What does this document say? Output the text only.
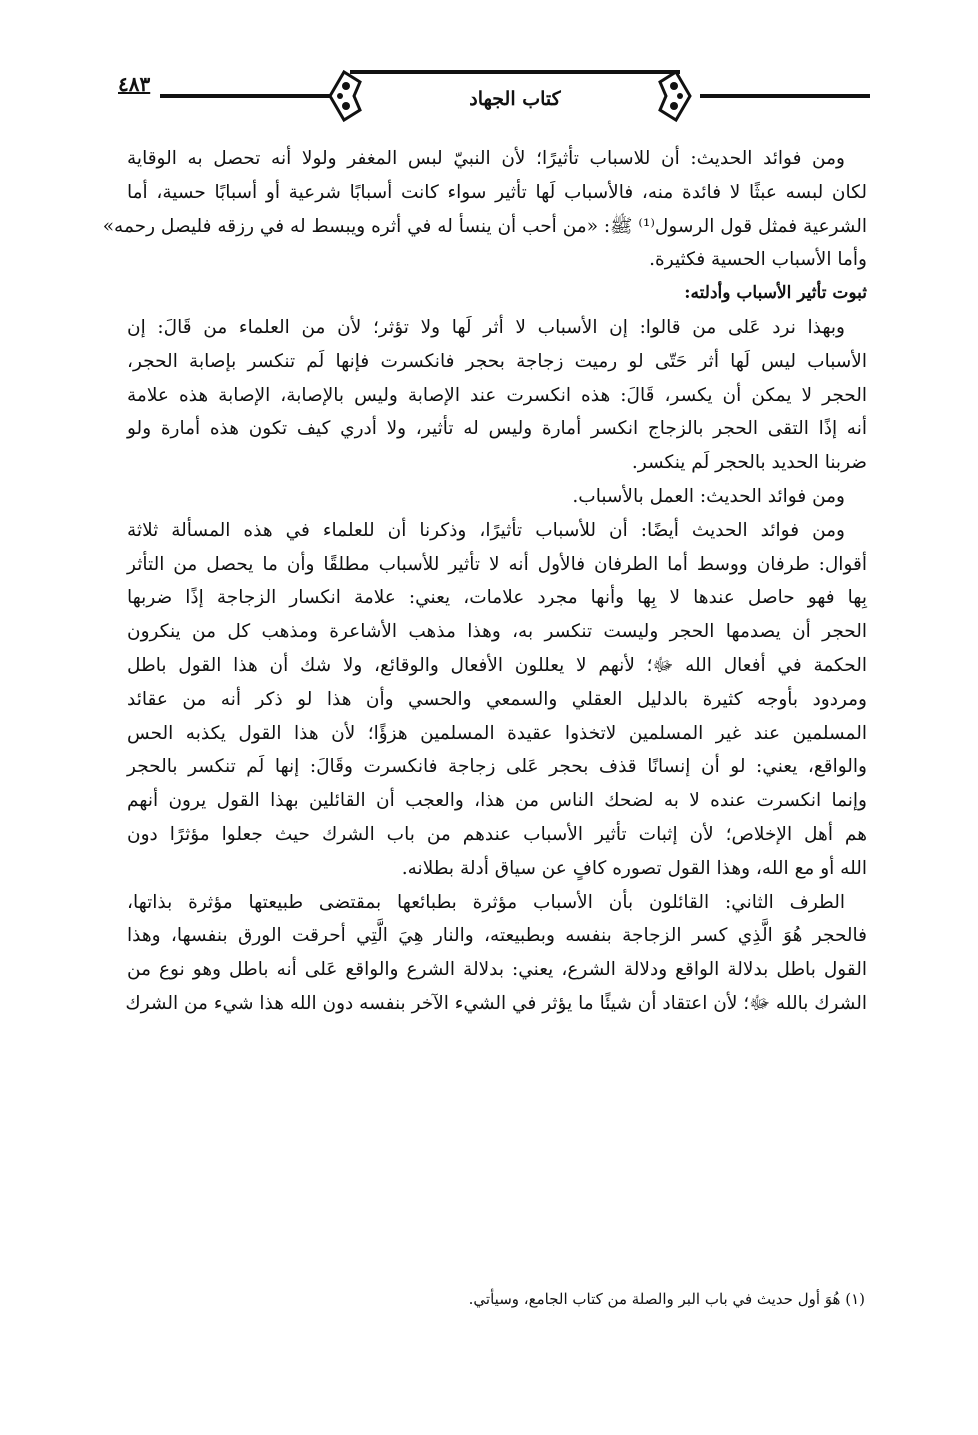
٤٨٣
كتاب الجهاد
ومن فوائد الحديث: أن للاسباب تأثيرًا؛ لأن النبيّ لبس المغفر ولولا أنه تحصل به الوقاية
لكان لبسه عبثًا لا فائدة منه، فالأسباب لَها تأثير سواء كانت أسبابًا شرعية أو أسبابًا حسية، أما
الشرعية فمثل قول الرسول⁽¹⁾ ﷺ: «من أحب أن ينسأ له في أثره ويبسط له في رزقه فليصل رحمه»
وأما الأسباب الحسية فكثيرة.
ثبوت تأثير الأسباب وأدلته:
وبهذا نرد عَلى من قالوا: إن الأسباب لا أثر لَها ولا تؤثر؛ لأن من العلماء من قَالَ: إن
الأسباب ليس لَها أثر حَتّى لو رميت زجاجة بحجر فانكسرت فإنها لَم تنكسر بإصابة الحجر،
الحجر لا يمكن أن يكسر، قَالَ: هذه انكسرت عند الإصابة وليس بالإصابة، الإصابة هذه علامة
أنه إذًا التقى الحجر بالزجاج انكسر أمارة وليس له تأثير، ولا أدري كيف تكون هذه أمارة ولو
ضربنا الحديد بالحجر لَم ينكسر.
ومن فوائد الحديث: العمل بالأسباب.
ومن فوائد الحديث أيضًا: أن للأسباب تأثيرًا، وذكرنا أن للعلماء في هذه المسألة ثلاثة
أقوال: طرفان ووسط أما الطرفان فالأول أنه لا تأثير للأسباب مطلقًا وأن ما يحصل من التأثر
بِها فهو حاصل عندها لا بِها وأنها مجرد علامات، يعني: علامة انكسار الزجاجة إذًا ضربها
الحجر أن يصدمها الحجر وليست تنكسر به، وهذا مذهب الأشاعرة ومذهب كل من ينكرون
الحكمة في أفعال الله ﷻ؛ لأنهم لا يعللون الأفعال والوقائع، ولا شك أن هذا القول باطل
ومردود بأوجه كثيرة بالدليل العقلي والسمعي والحسي وأن هذا لو ذكر أنه من عقائد
المسلمين عند غير المسلمين لاتخذوا عقيدة المسلمين هزؤًا؛ لأن هذا القول يكذبه الحس
والواقع، يعني: لو أن إنسانًا قذف بحجر عَلى زجاجة فانكسرت وقَالَ: إنها لَم تنكسر بالحجر
وإنما انكسرت عنده لا به لضحك الناس من هذا، والعجب أن القائلين بهذا القول يرون أنهم
هم أهل الإخلاص؛ لأن إثبات تأثير الأسباب عندهم من باب الشرك حيث جعلوا مؤثرًا دون
الله أو مع الله، وهذا القول تصوره كافٍ عن سياق أدلة بطلانه.
الطرف الثاني: القائلون بأن الأسباب مؤثرة بطبائعها بمقتضى طبيعتها مؤثرة بذاتها،
فالحجر هُوَ الَّذِي كسر الزجاجة بنفسه وبطبيعته، والنار هِيَ الَّتِي أحرقت الورق بنفسها، وهذا
القول باطل بدلالة الواقع ودلالة الشرع، يعني: بدلالة الشرع والواقع عَلى أنه باطل وهو نوع من
الشرك بالله ﷻ؛ لأن اعتقاد أن شيئًا ما يؤثر في الشيء الآخر بنفسه دون الله هذا شيء من الشرك
(١) هُوَ أول حديث في باب البر والصلة من كتاب الجامع، وسيأتي.
